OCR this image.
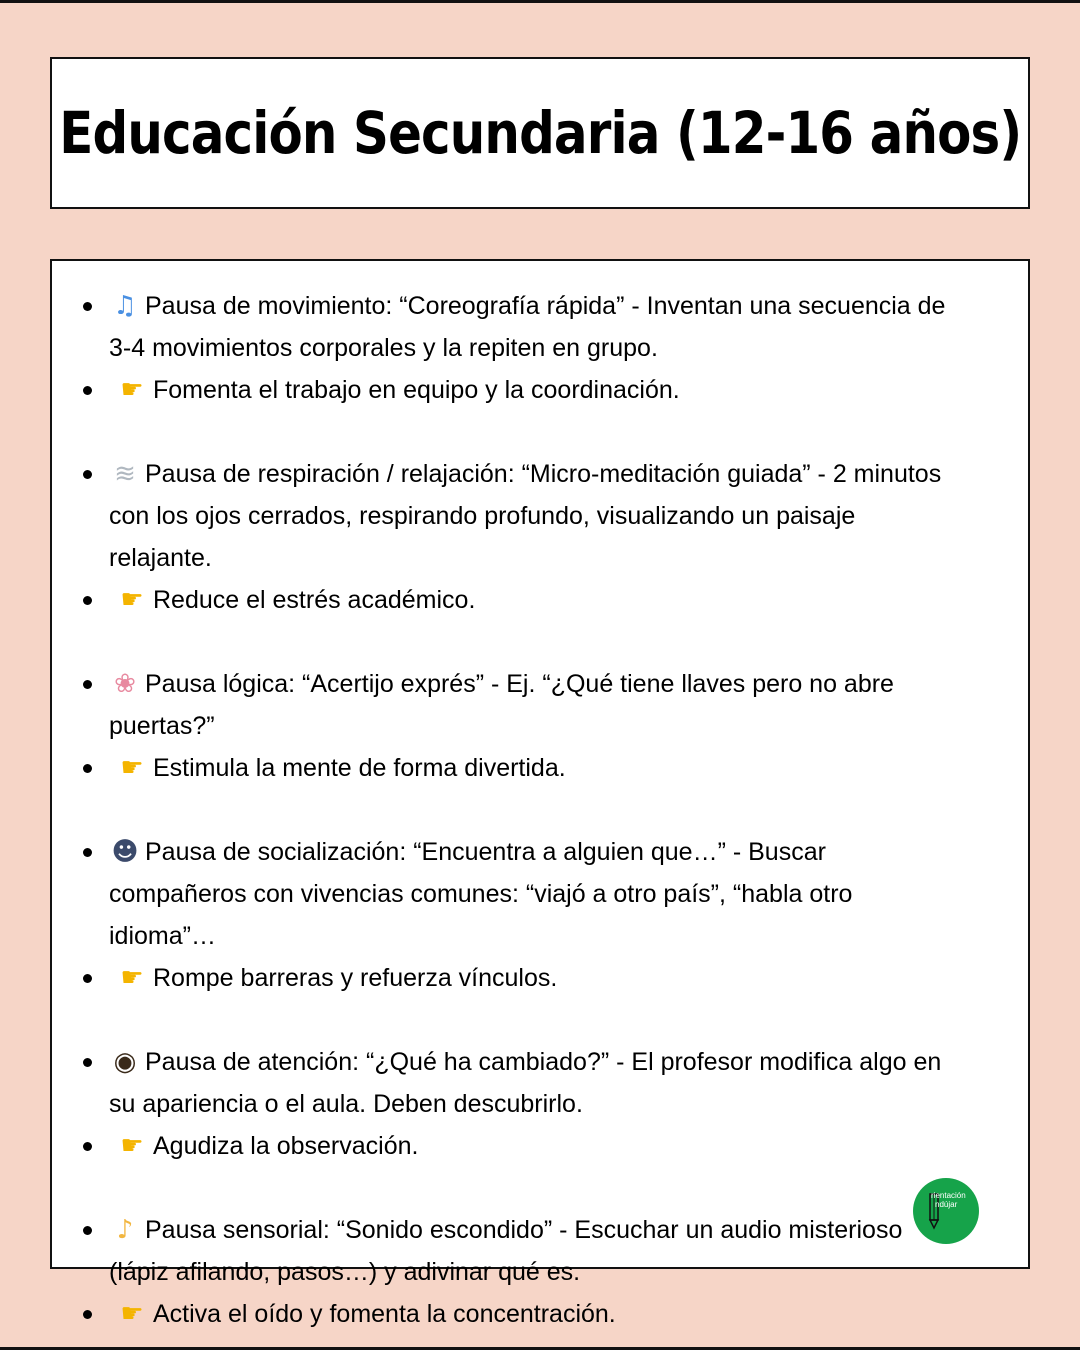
Educación Secundaria (12-16 años)
♫ Pausa de movimiento: “Coreografía rápida” - Inventan una secuencia de 3-4 movimientos corporales y la repiten en grupo.
☛ Fomenta el trabajo en equipo y la coordinación.
≋ Pausa de respiración / relajación: “Micro-meditación guiada” - 2 minutos con los ojos cerrados, respirando profundo, visualizando un paisaje relajante.
☛ Reduce el estrés académico.
❀ Pausa lógica: “Acertijo exprés” - Ej. “¿Qué tiene llaves pero no abre puertas?”
☛ Estimula la mente de forma divertida.
☻ Pausa de socialización: “Encuentra a alguien que…” - Buscar compañeros con vivencias comunes: “viajó a otro país”, “habla otro idioma”…
☛ Rompe barreras y refuerza vínculos.
◉ Pausa de atención: “¿Qué ha cambiado?” - El profesor modifica algo en su apariencia o el aula. Deben descubrirlo.
☛ Agudiza la observación.
♪ Pausa sensorial: “Sonido escondido” - Escuchar un audio misterioso (lápiz afilando, pasos…) y adivinar qué es.
☛ Activa el oído y fomenta la concentración.
rientación
ndújar
